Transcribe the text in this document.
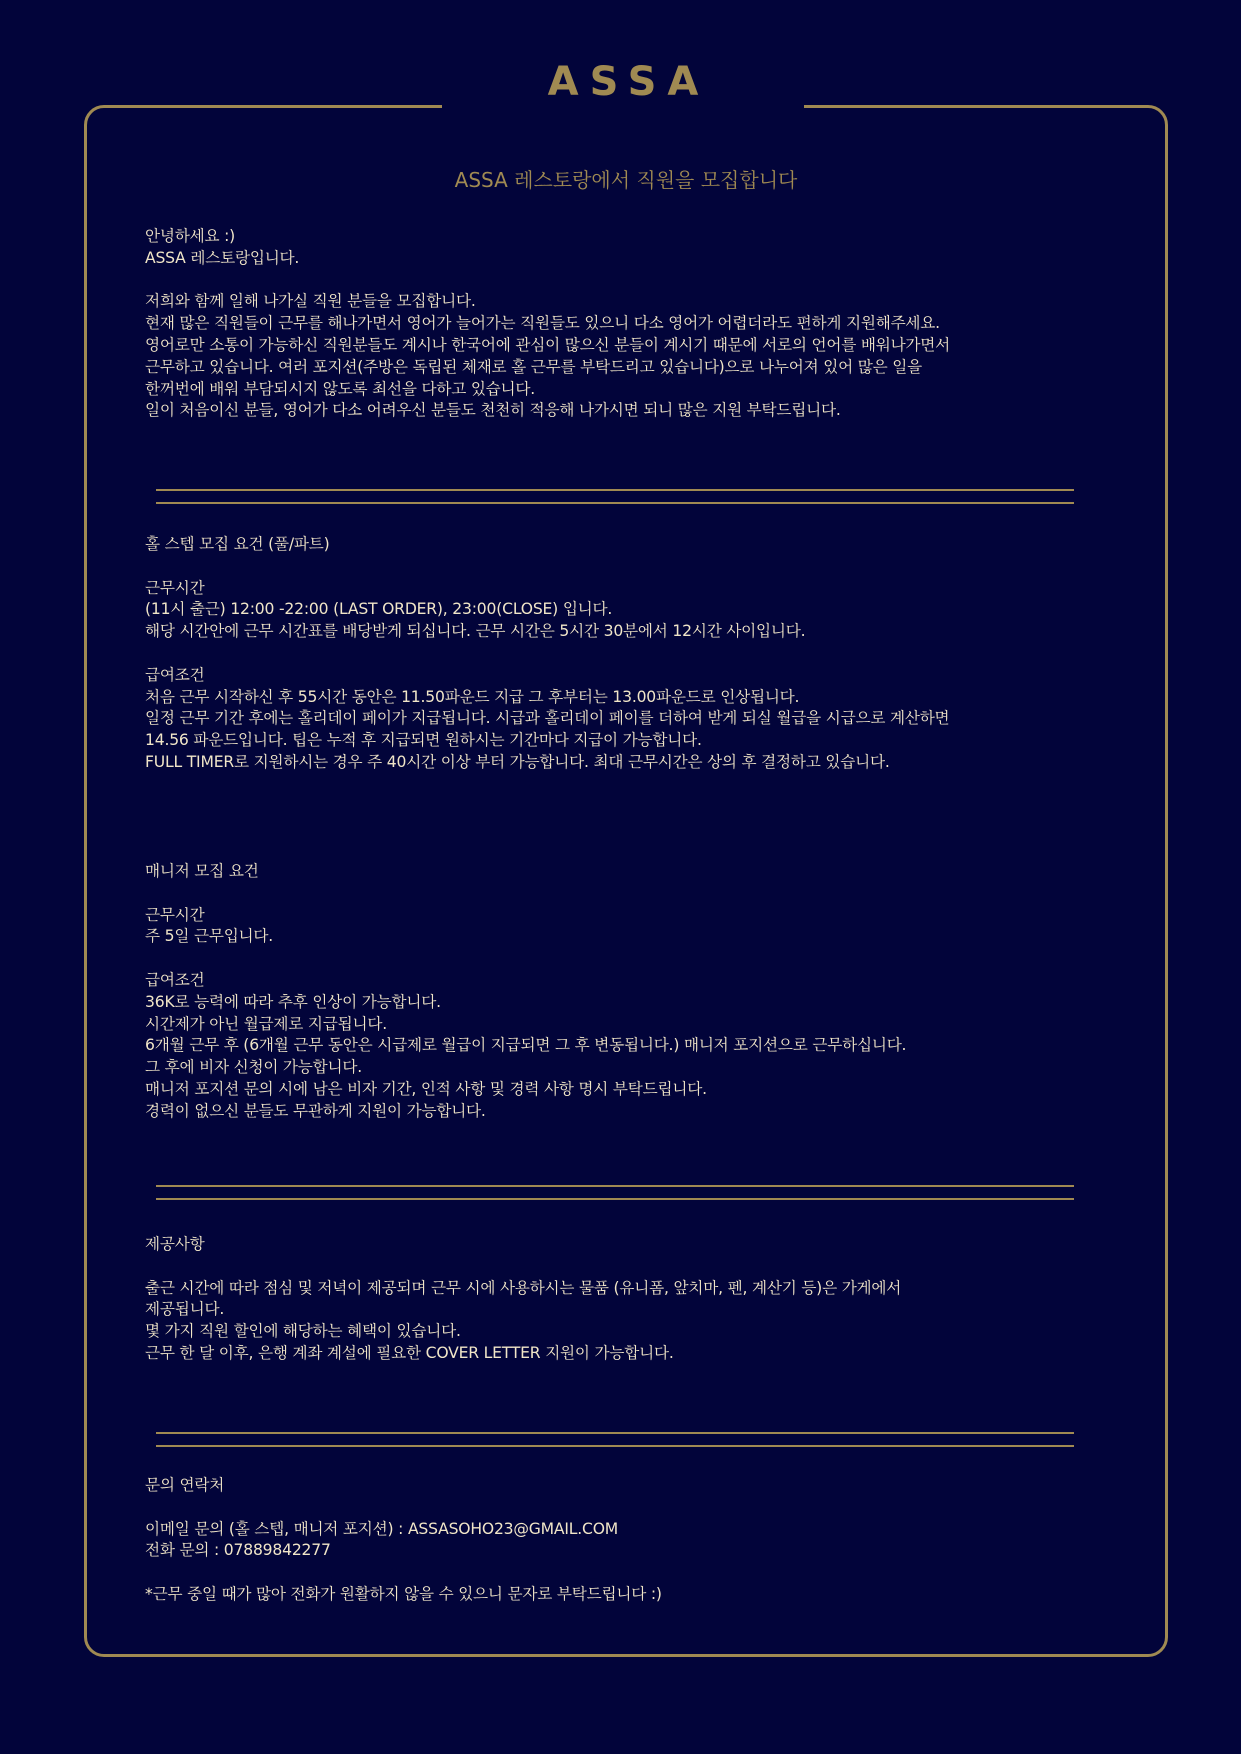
ASSA
ASSA 레스토랑에서 직원을 모집합니다
안녕하세요 :)
ASSA 레스토랑입니다.
저희와 함께 일해 나가실 직원 분들을 모집합니다.
현재 많은 직원들이 근무를 해나가면서 영어가 늘어가는 직원들도 있으니 다소 영어가 어렵더라도 편하게 지원해주세요.
영어로만 소통이 가능하신 직원분들도 계시나 한국어에 관심이 많으신 분들이 계시기 때문에 서로의 언어를 배워나가면서
근무하고 있습니다. 여러 포지션(주방은 독립된 체재로 홀 근무를 부탁드리고 있습니다)으로 나누어져 있어 많은 일을
한꺼번에 배워 부담되시지 않도록 최선을 다하고 있습니다.
일이 처음이신 분들, 영어가 다소 어려우신 분들도 천천히 적응해 나가시면 되니 많은 지원 부탁드립니다.
홀 스텝 모집 요건 (풀/파트)
근무시간
(11시 출근) 12:00 -22:00 (LAST ORDER), 23:00(CLOSE) 입니다.
해당 시간안에 근무 시간표를 배당받게 되십니다. 근무 시간은 5시간 30분에서 12시간 사이입니다.
급여조건
처음 근무 시작하신 후 55시간 동안은 11.50파운드 지급 그 후부터는 13.00파운드로 인상됩니다.
일정 근무 기간 후에는 홀리데이 페이가 지급됩니다. 시급과 홀리데이 페이를 더하여 받게 되실 월급을 시급으로 계산하면
14.56 파운드입니다. 팁은 누적 후 지급되면 원하시는 기간마다 지급이 가능합니다.
FULL TIMER로 지원하시는 경우 주 40시간 이상 부터 가능합니다. 최대 근무시간은 상의 후 결정하고 있습니다.
매니저 모집 요건
근무시간
주 5일 근무입니다.
급여조건
36K로 능력에 따라 추후 인상이 가능합니다.
시간제가 아닌 월급제로 지급됩니다.
6개월 근무 후 (6개월 근무 동안은 시급제로 월급이 지급되면 그 후 변동됩니다.) 매니저 포지션으로 근무하십니다.
그 후에 비자 신청이 가능합니다.
매니저 포지션 문의 시에 남은 비자 기간, 인적 사항 및 경력 사항 명시 부탁드립니다.
경력이 없으신 분들도 무관하게 지원이 가능합니다.
제공사항
출근 시간에 따라 점심 및 저녁이 제공되며 근무 시에 사용하시는 물품 (유니폼, 앞치마, 펜, 계산기 등)은 가게에서
제공됩니다.
몇 가지 직원 할인에 해당하는 혜택이 있습니다.
근무 한 달 이후, 은행 계좌 계설에 필요한 COVER LETTER 지원이 가능합니다.
문의 연락처
이메일 문의 (홀 스텝, 매니저 포지션) : ASSASOHO23@GMAIL.COM
전화 문의 : 07889842277
*근무 중일 때가 많아 전화가 원활하지 않을 수 있으니 문자로 부탁드립니다 :)
